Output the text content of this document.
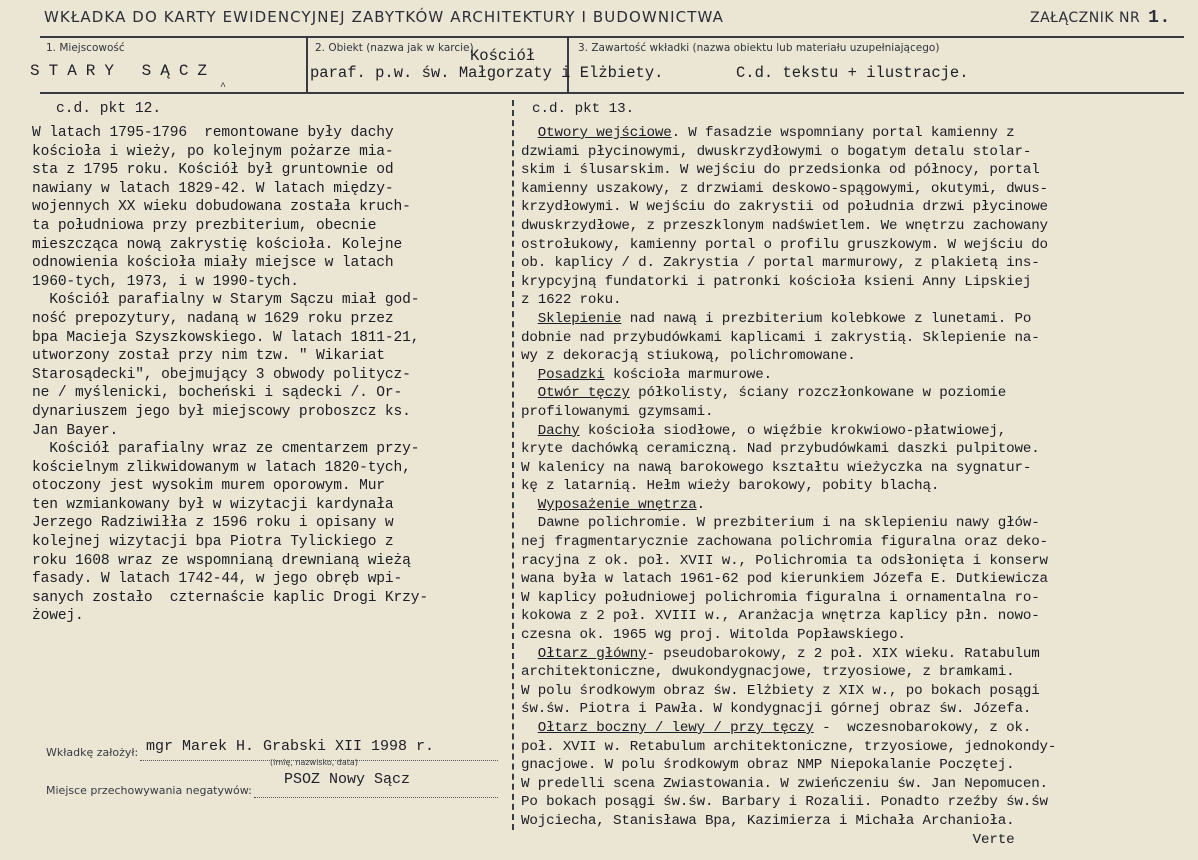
WKŁADKA DO KARTY EWIDENCYJNEJ ZABYTKÓW ARCHITEKTURY I BUDOWNICTWA	ZAŁĄCZNIK NR 1.
1. Miejscowość
STARY SĄCZ
^
2. Obiekt (nazwa jak w karcie)
Kościół
paraf. p.w. św. Małgorzaty i Elżbiety.
3. Zawartość wkładki (nazwa obiektu lub materiału uzupełniającego)
C.d. tekstu + ilustracje.
c.d. pkt 12.	c.d. pkt 13.
W latach 1795-1796  remontowane były dachy
kościoła i wieży, po kolejnym pożarze mia-
sta z 1795 roku. Kościół był gruntownie od
nawiany w latach 1829-42. W latach między-
wojennych XX wieku dobudowana została kruch-
ta południowa przy prezbiterium, obecnie
mieszcząca nową zakrystię kościoła. Kolejne
odnowienia kościoła miały miejsce w latach
1960-tych, 1973, i w 1990-tych.
Kościół parafialny w Starym Sączu miał god-
ność prepozytury, nadaną w 1629 roku przez
bpa Macieja Szyszkowskiego. W latach 1811-21,
utworzony został przy nim tzw. " Wikariat
Starosądecki", obejmujący 3 obwody politycz-
ne / myślenicki, bocheński i sądecki /. Or-
dynariuszem jego był miejscowy proboszcz ks.
Jan Bayer.
Kościół parafialny wraz ze cmentarzem przy-
kościelnym zlikwidowanym w latach 1820-tych,
otoczony jest wysokim murem oporowym. Mur
ten wzmiankowany był w wizytacji kardynała
Jerzego Radziwiłła z 1596 roku i opisany w
kolejnej wizytacji bpa Piotra Tylickiego z
roku 1608 wraz ze wspomnianą drewnianą wieżą
fasady. W latach 1742-44, w jego obręb wpi-
sanych zostało  czternaście kaplic Drogi Krzy-
żowej.
Otwory wejściowe. W fasadzie wspomniany portal kamienny z
dzwiami płycinowymi, dwuskrzydłowymi o bogatym detalu stolar-
skim i ślusarskim. W wejściu do przedsionka od północy, portal
kamienny uszakowy, z drzwiami deskowo-spągowymi, okutymi, dwus-
krzydłowymi. W wejściu do zakrystii od południa drzwi płycinowe
dwuskrzydłowe, z przeszklonym nadświetlem. We wnętrzu zachowany
ostrołukowy, kamienny portal o profilu gruszkowym. W wejściu do
ob. kaplicy / d. Zakrystia / portal marmurowy, z plakietą ins-
krypcyjną fundatorki i patronki kościoła ksieni Anny Lipskiej
z 1622 roku.
Sklepienie nad nawą i prezbiterium kolebkowe z lunetami. Po
dobnie nad przybudówkami kaplicami i zakrystią. Sklepienie na-
wy z dekoracją stiukową, polichromowane.
Posadzki kościoła marmurowe.
Otwór tęczy półkolisty, ściany rozczłonkowane w poziomie
profilowanymi gzymsami.
Dachy kościoła siodłowe, o więźbie krokwiowo-płatwiowej,
kryte dachówką ceramiczną. Nad przybudówkami daszki pulpitowe.
W kalenicy na nawą barokowego kształtu wieżyczka na sygnatur-
kę z latarnią. Hełm wieży barokowy, pobity blachą.
Wyposażenie wnętrza.
Dawne polichromie. W prezbiterium i na sklepieniu nawy głów-
nej fragmentarycznie zachowana polichromia figuralna oraz deko-
racyjna z ok. poł. XVII w., Polichromia ta odsłonięta i konserw
wana była w latach 1961-62 pod kierunkiem Józefa E. Dutkiewicza
W kaplicy południowej polichromia figuralna i ornamentalna ro-
kokowa z 2 poł. XVIII w., Aranżacja wnętrza kaplicy płn. nowo-
czesna ok. 1965 wg proj. Witolda Popławskiego.
Ołtarz główny- pseudobarokowy, z 2 poł. XIX wieku. Ratabulum
architektoniczne, dwukondygnacjowe, trzyosiowe, z bramkami.
W polu środkowym obraz św. Elżbiety z XIX w., po bokach posągi
św.św. Piotra i Pawła. W kondygnacji górnej obraz św. Józefa.
Ołtarz boczny / lewy / przy tęczy -  wczesnobarokowy, z ok.
poł. XVII w. Retabulum architektoniczne, trzyosiowe, jednokondy-
gnacjowe. W polu środkowym obraz NMP Niepokalanie Poczętej.
W predelli scena Zwiastowania. W zwieńczeniu św. Jan Nepomucen.
Po bokach posągi św.św. Barbary i Rozalii. Ponadto rzeźby św.św
Wojciecha, Stanisława Bpa, Kazimierza i Michała Archanioła.
Verte
Wkładkę założył: mgr Marek H. Grabski XII 1998 r.
(imię, nazwisko, data)
Miejsce przechowywania negatywów:
PSOZ Nowy Sącz
